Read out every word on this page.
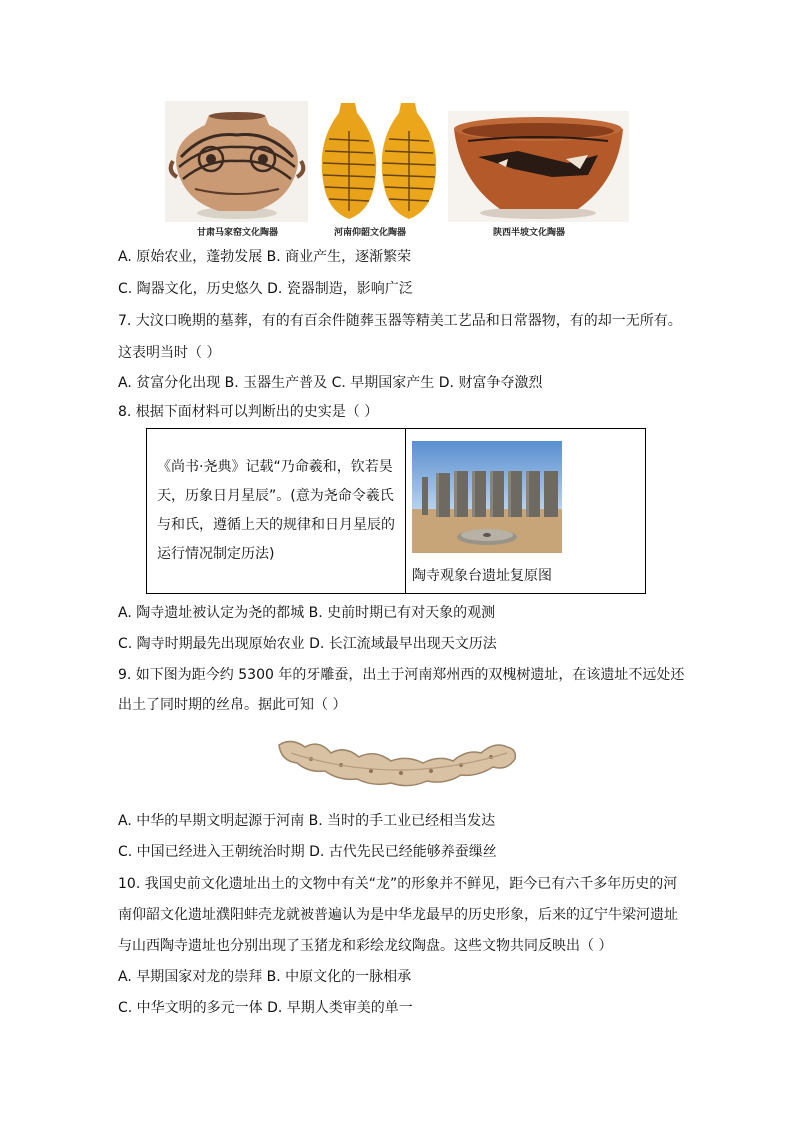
甘肃马家窑文化陶器	河南仰韶文化陶器	陕西半坡文化陶器
A. 原始农业，蓬勃发展 B. 商业产生，逐渐繁荣
C. 陶器文化，历史悠久 D. 瓷器制造，影响广泛
7. 大汶口晚期的墓葬，有的有百余件随葬玉器等精美工艺品和日常器物，有的却一无所有。
这表明当时（ ）
A. 贫富分化出现 B. 玉器生产普及 C. 早期国家产生 D. 财富争夺激烈
8. 根据下面材料可以判断出的史实是（ ）
《尚书·尧典》记载“乃命羲和，钦若昊
天，历象日月星辰”。(意为尧命令羲氏
与和氏，遵循上天的规律和日月星辰的
运行情况制定历法)

陶寺观象台遗址复原图
A. 陶寺遗址被认定为尧的都城 B. 史前时期已有对天象的观测
C. 陶寺时期最先出现原始农业 D. 长江流域最早出现天文历法
9. 如下图为距今约 5300 年的牙雕蚕，出土于河南郑州西的双槐树遗址，在该遗址不远处还
出土了同时期的丝帛。据此可知（ ）
A. 中华的早期文明起源于河南 B. 当时的手工业已经相当发达
C. 中国已经进入王朝统治时期 D. 古代先民已经能够养蚕缫丝
10. 我国史前文化遗址出土的文物中有关“龙”的形象并不鲜见，距今已有六千多年历史的河
南仰韶文化遗址濮阳蚌壳龙就被普遍认为是中华龙最早的历史形象，后来的辽宁牛梁河遗址
与山西陶寺遗址也分别出现了玉猪龙和彩绘龙纹陶盘。这些文物共同反映出（ ）
A. 早期国家对龙的崇拜 B. 中原文化的一脉相承
C. 中华文明的多元一体 D. 早期人类审美的单一
